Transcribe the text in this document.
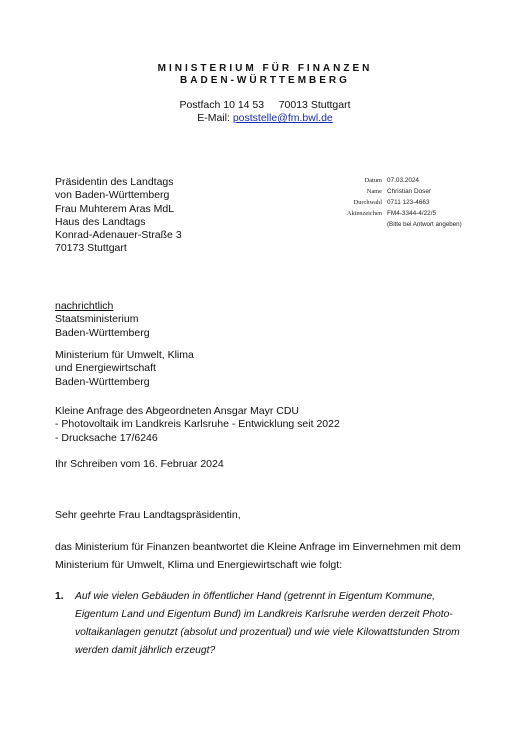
MINISTERIUM FÜR FINANZEN
BADEN-WÜRTTEMBERG
Postfach 10 14 53     70013 Stuttgart
E-Mail: poststelle@fm.bwl.de
Präsidentin des Landtags
von Baden-Württemberg
Frau Muhterem Aras MdL
Haus des Landtags
Konrad-Adenauer-Straße 3
70173 Stuttgart
Datum 07.03.2024
Name Christian Doser
Durchwahl 0711 123-4663
Aktenzeichen FM4-3344-4/22/5
(Bitte bei Antwort angeben)
nachrichtlich
Staatsministerium
Baden-Württemberg
Ministerium für Umwelt, Klima
und Energiewirtschaft
Baden-Württemberg
Kleine Anfrage des Abgeordneten Ansgar Mayr CDU
- Photovoltaik im Landkreis Karlsruhe - Entwicklung seit 2022
- Drucksache 17/6246
Ihr Schreiben vom 16. Februar 2024
Sehr geehrte Frau Landtagspräsidentin,
das Ministerium für Finanzen beantwortet die Kleine Anfrage im Einvernehmen mit dem
Ministerium für Umwelt, Klima und Energiewirtschaft wie folgt:
1.	Auf wie vielen Gebäuden in öffentlicher Hand (getrennt in Eigentum Kommune,
Eigentum Land und Eigentum Bund) im Landkreis Karlsruhe werden derzeit Photo-
voltaikanlagen genutzt (absolut und prozentual) und wie viele Kilowattstunden Strom
werden damit jährlich erzeugt?
